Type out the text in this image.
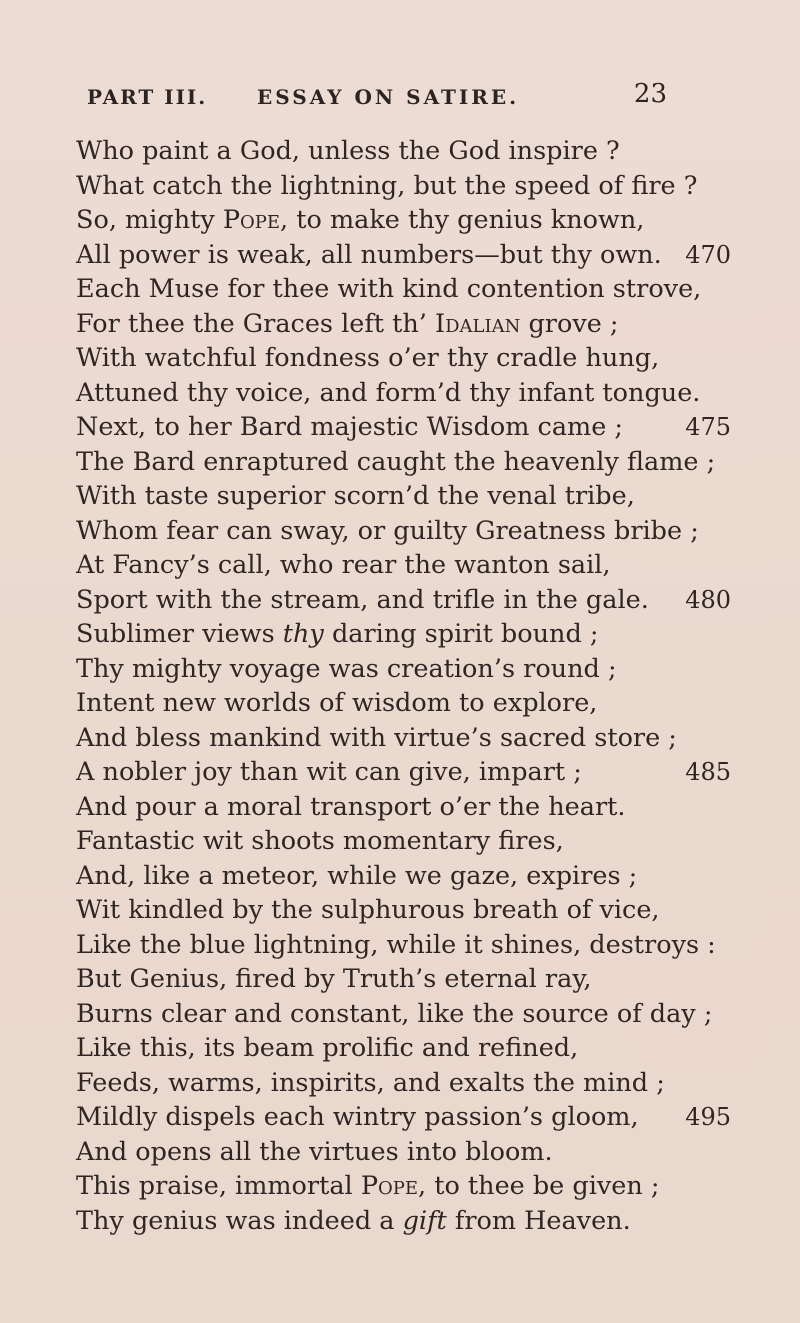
PART III. ESSAY ON SATIRE.	23
Who paint a God, unless the God inspire ?
What catch the lightning, but the speed of fire ?
So, mighty Pope, to make thy genius known,
All power is weak, all numbers—but thy own. 470
Each Muse for thee with kind contention strove,
For thee the Graces left th’ Idalian grove ;
With watchful fondness o’er thy cradle hung,
Attuned thy voice, and form’d thy infant tongue.
Next, to her Bard majestic Wisdom came ;	475
The Bard enraptured caught the heavenly flame ;
With taste superior scorn’d the venal tribe,
Whom fear can sway, or guilty Greatness bribe ;
At Fancy’s call, who rear the wanton sail,
Sport with the stream, and trifle in the gale. 480
Sublimer views thy daring spirit bound ;
Thy mighty voyage was creation’s round ;
Intent new worlds of wisdom to explore,
And bless mankind with virtue’s sacred store ;
A nobler joy than wit can give, impart ;	485
And pour a moral transport o’er the heart.
Fantastic wit shoots momentary fires,
And, like a meteor, while we gaze, expires ;
Wit kindled by the sulphurous breath of vice,
Like the blue lightning, while it shines, destroys :
But Genius, fired by Truth’s eternal ray,
Burns clear and constant, like the source of day ;
Like this, its beam prolific and refined,
Feeds, warms, inspirits, and exalts the mind ;
Mildly dispels each wintry passion’s gloom, 495
And opens all the virtues into bloom.
This praise, immortal Pope, to thee be given ;
Thy genius was indeed a gift from Heaven.
